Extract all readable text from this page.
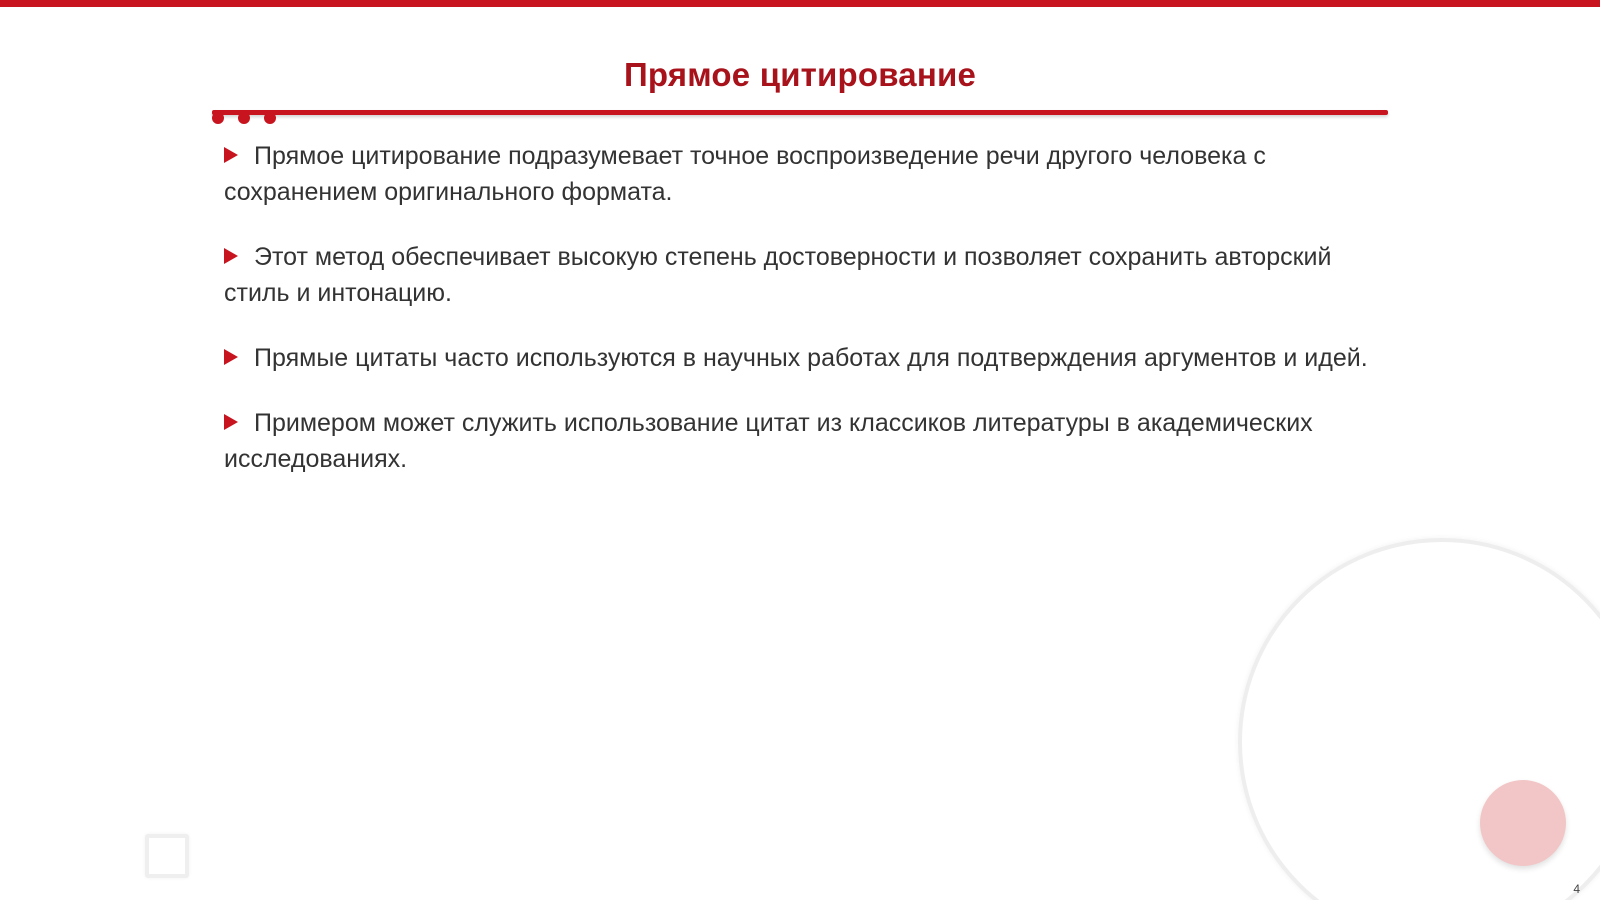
Прямое цитирование
Прямое цитирование подразумевает точное воспроизведение речи другого человека с сохранением оригинального формата.
Этот метод обеспечивает высокую степень достоверности и позволяет сохранить авторский стиль и интонацию.
Прямые цитаты часто используются в научных работах для подтверждения аргументов и идей.
Примером может служить использование цитат из классиков литературы в академических исследованиях.
4
